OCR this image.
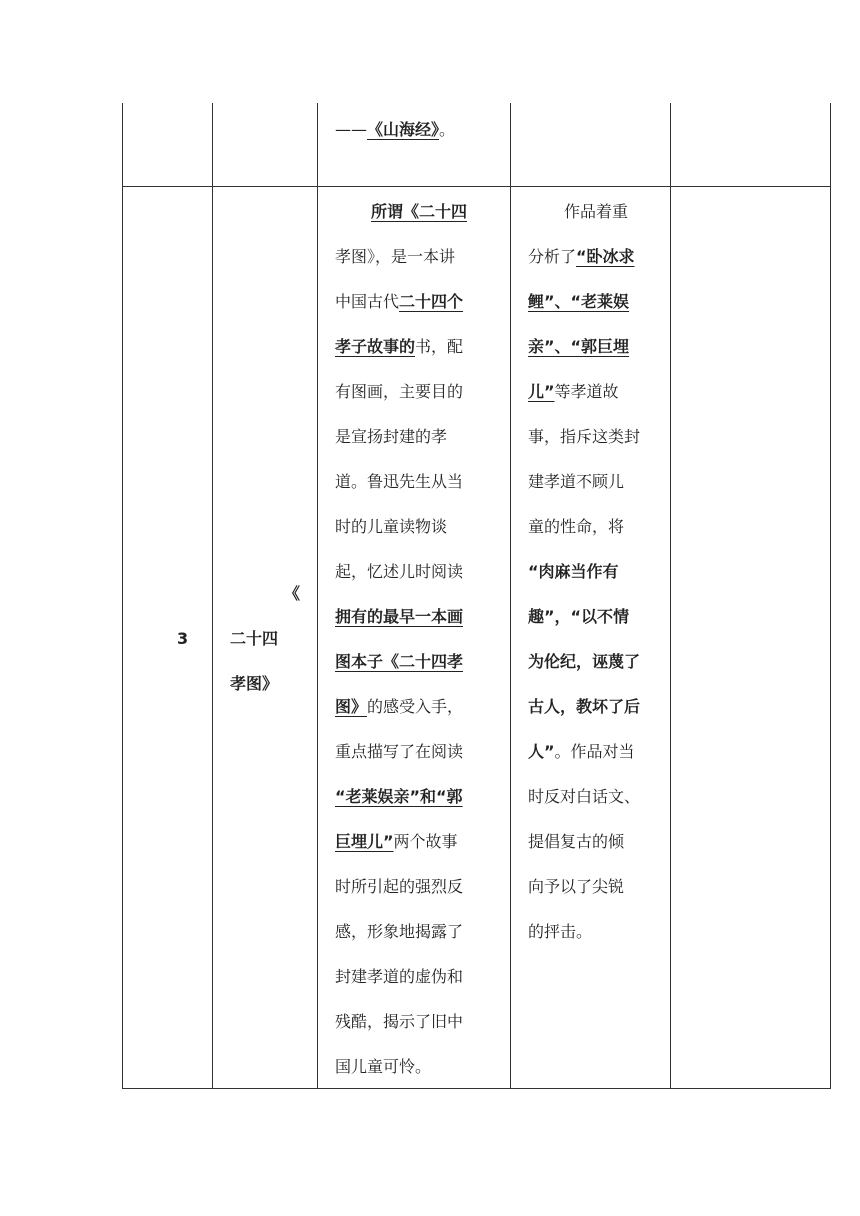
——《山海经》。
3
《
二十四
孝图》
所谓《二十四
孝图》，是一本讲
中国古代二十四个
孝子故事的书，配
有图画，主要目的
是宣扬封建的孝
道。鲁迅先生从当
时的儿童读物谈
起，忆述儿时阅读
拥有的最早一本画
图本子《二十四孝
图》的感受入手，
重点描写了在阅读
“老莱娱亲”和“郭
巨埋儿”两个故事
时所引起的强烈反
感，形象地揭露了
封建孝道的虚伪和
残酷，揭示了旧中
国儿童可怜。
作品着重
分析了“卧冰求
鲤”、“老莱娱
亲”、“郭巨埋
儿”等孝道故
事，指斥这类封
建孝道不顾儿
童的性命，将
“肉麻当作有
趣”，“以不情
为伦纪，诬蔑了
古人，教坏了后
人”。作品对当
时反对白话文、
提倡复古的倾
向予以了尖锐
的抨击。
